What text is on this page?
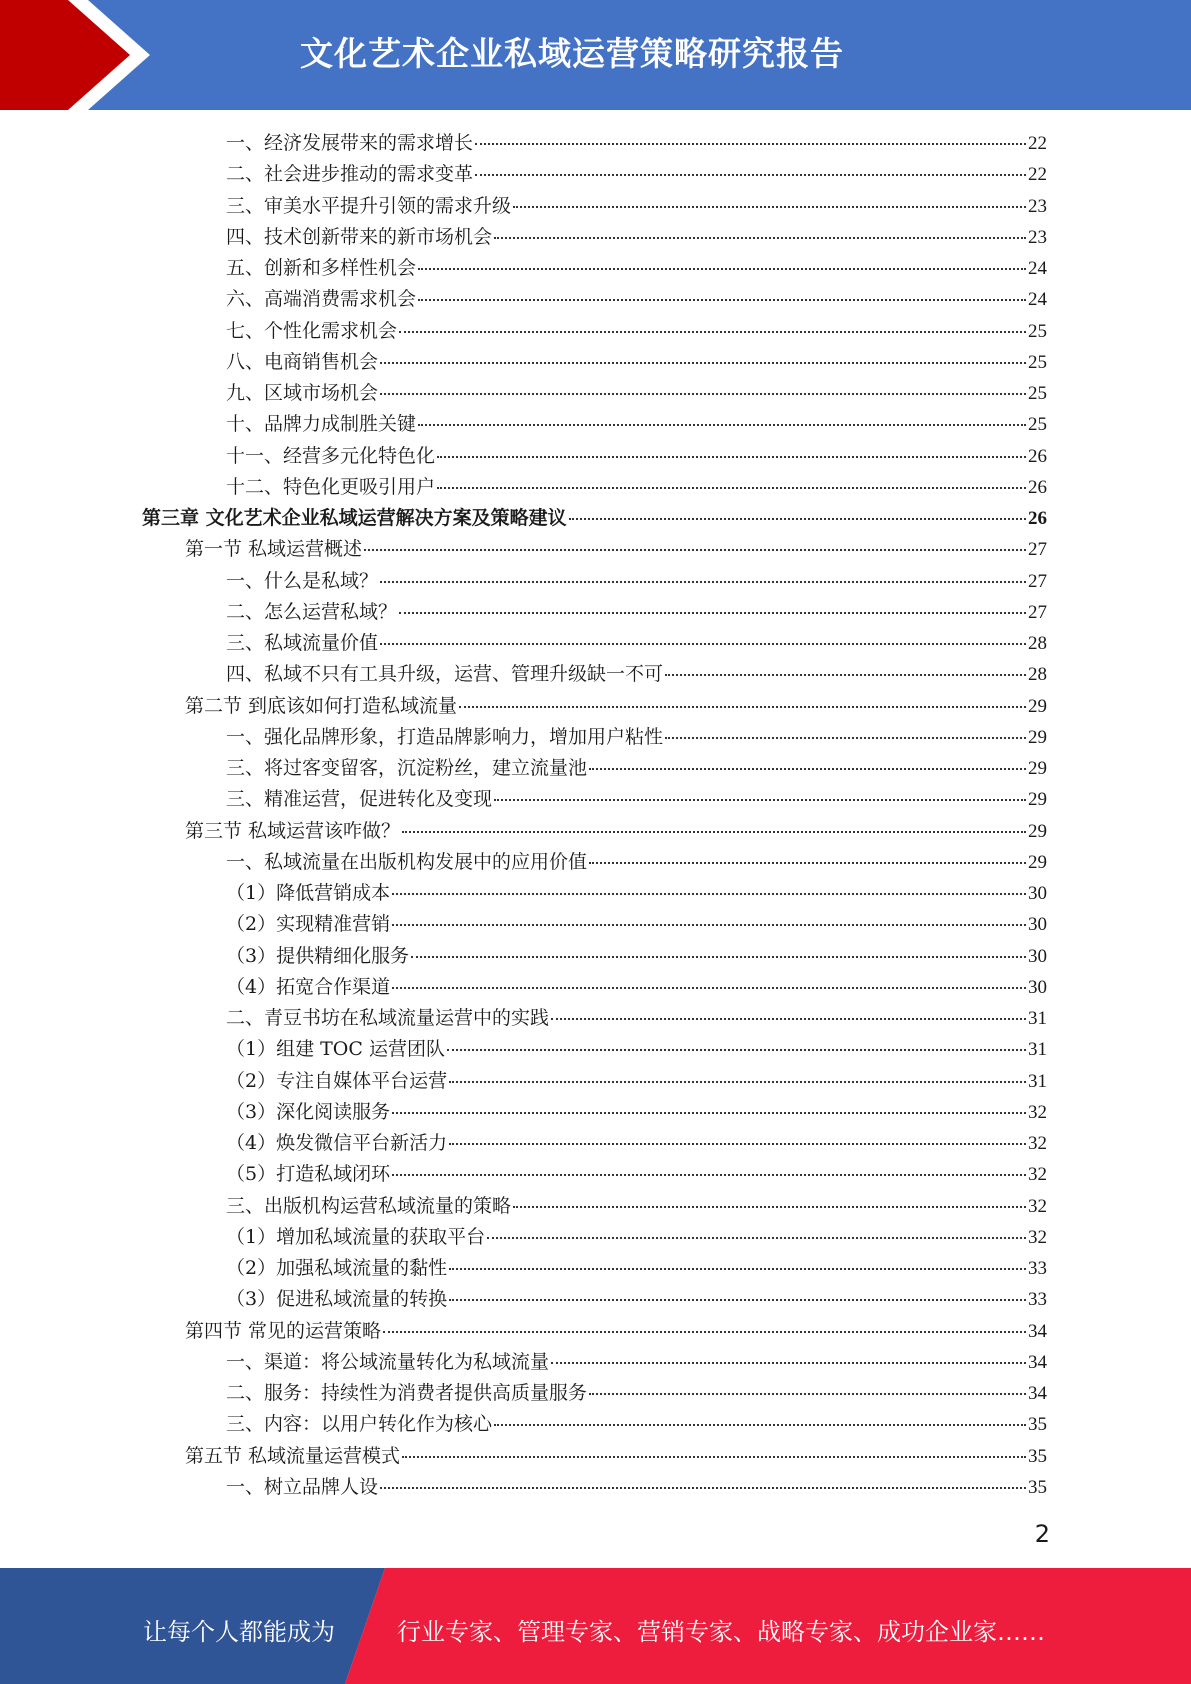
文化艺术企业私域运营策略研究报告
一、经济发展带来的需求增长	22
二、社会进步推动的需求变革	22
三、审美水平提升引领的需求升级	23
四、技术创新带来的新市场机会	23
五、创新和多样性机会	24
六、高端消费需求机会	24
七、个性化需求机会	25
八、电商销售机会	25
九、区域市场机会	25
十、品牌力成制胜关键	25
十一、经营多元化特色化	26
十二、特色化更吸引用户	26
第三章 文化艺术企业私域运营解决方案及策略建议	26
第一节 私域运营概述	27
一、什么是私域？	27
二、怎么运营私域？	27
三、私域流量价值	28
四、私域不只有工具升级，运营、管理升级缺一不可	28
第二节 到底该如何打造私域流量	29
一、强化品牌形象，打造品牌影响力，增加用户粘性	29
三、将过客变留客，沉淀粉丝，建立流量池	29
三、精准运营，促进转化及变现	29
第三节 私域运营该咋做？	29
一、私域流量在出版机构发展中的应用价值	29
（1）降低营销成本	30
（2）实现精准营销	30
（3）提供精细化服务	30
（4）拓宽合作渠道	30
二、青豆书坊在私域流量运营中的实践	31
（1）组建 TOC 运营团队	31
（2）专注自媒体平台运营	31
（3）深化阅读服务	32
（4）焕发微信平台新活力	32
（5）打造私域闭环	32
三、出版机构运营私域流量的策略	32
（1）增加私域流量的获取平台	32
（2）加强私域流量的黏性	33
（3）促进私域流量的转换	33
第四节 常见的运营策略	34
一、渠道：将公域流量转化为私域流量	34
二、服务：持续性为消费者提供高质量服务	34
三、内容：以用户转化作为核心	35
第五节 私域流量运营模式	35
一、树立品牌人设	35
2
让每个人都能成为	行业专家、管理专家、营销专家、战略专家、成功企业家……
